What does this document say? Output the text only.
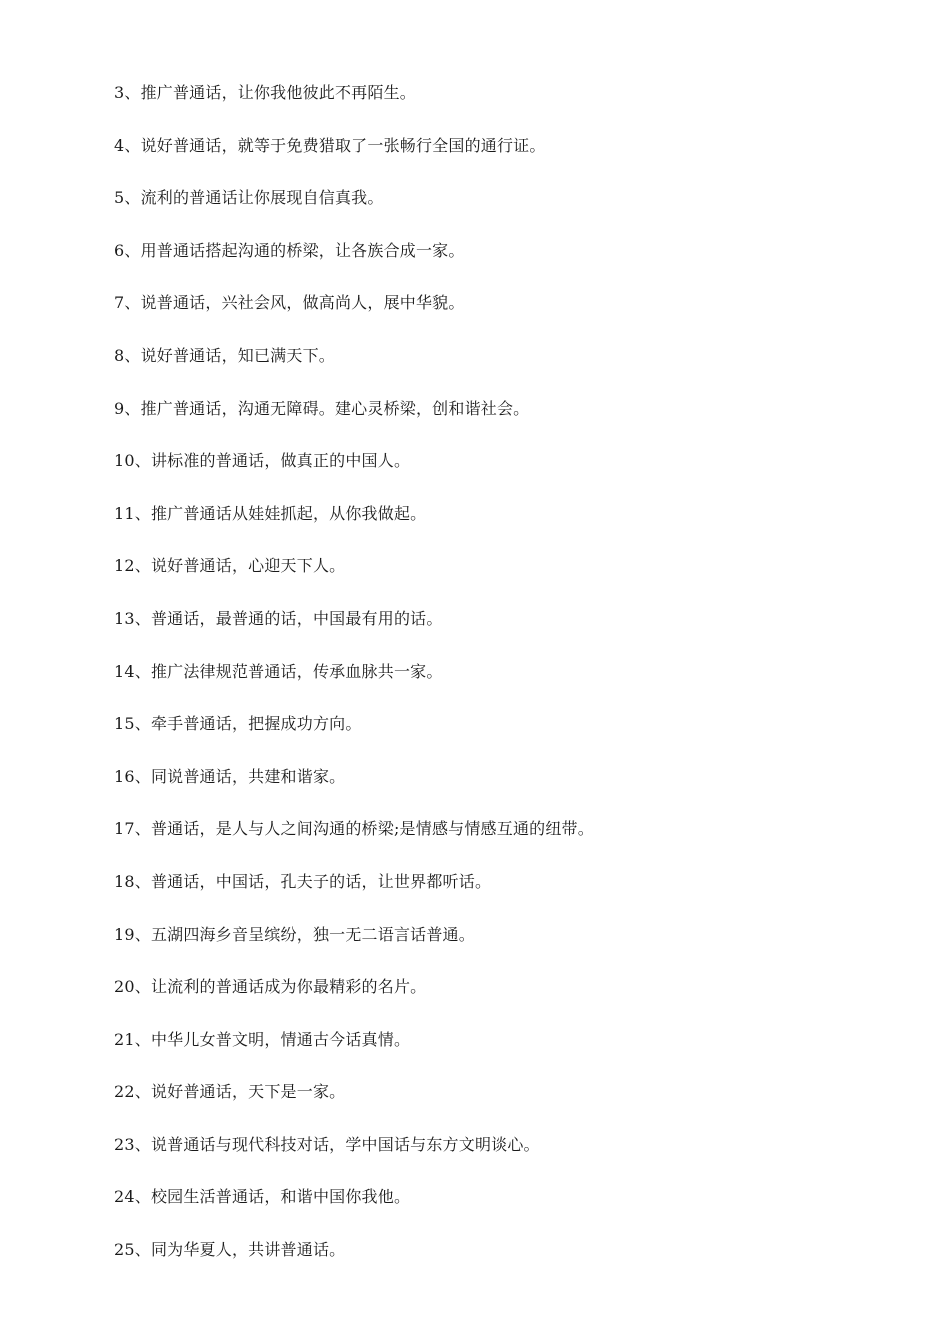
3、推广普通话，让你我他彼此不再陌生。
4、说好普通话，就等于免费猎取了一张畅行全国的通行证。
5、流利的普通话让你展现自信真我。
6、用普通话搭起沟通的桥梁，让各族合成一家。
7、说普通话，兴社会风，做高尚人，展中华貌。
8、说好普通话，知已满天下。
9、推广普通话，沟通无障碍。建心灵桥梁，创和谐社会。
10、讲标准的普通话，做真正的中国人。
11、推广普通话从娃娃抓起，从你我做起。
12、说好普通话，心迎天下人。
13、普通话，最普通的话，中国最有用的话。
14、推广法律规范普通话，传承血脉共一家。
15、牵手普通话，把握成功方向。
16、同说普通话，共建和谐家。
17、普通话，是人与人之间沟通的桥梁;是情感与情感互通的纽带。
18、普通话，中国话，孔夫子的话，让世界都听话。
19、五湖四海乡音呈缤纷，独一无二语言话普通。
20、让流利的普通话成为你最精彩的名片。
21、中华儿女普文明，情通古今话真情。
22、说好普通话，天下是一家。
23、说普通话与现代科技对话，学中国话与东方文明谈心。
24、校园生活普通话，和谐中国你我他。
25、同为华夏人，共讲普通话。
